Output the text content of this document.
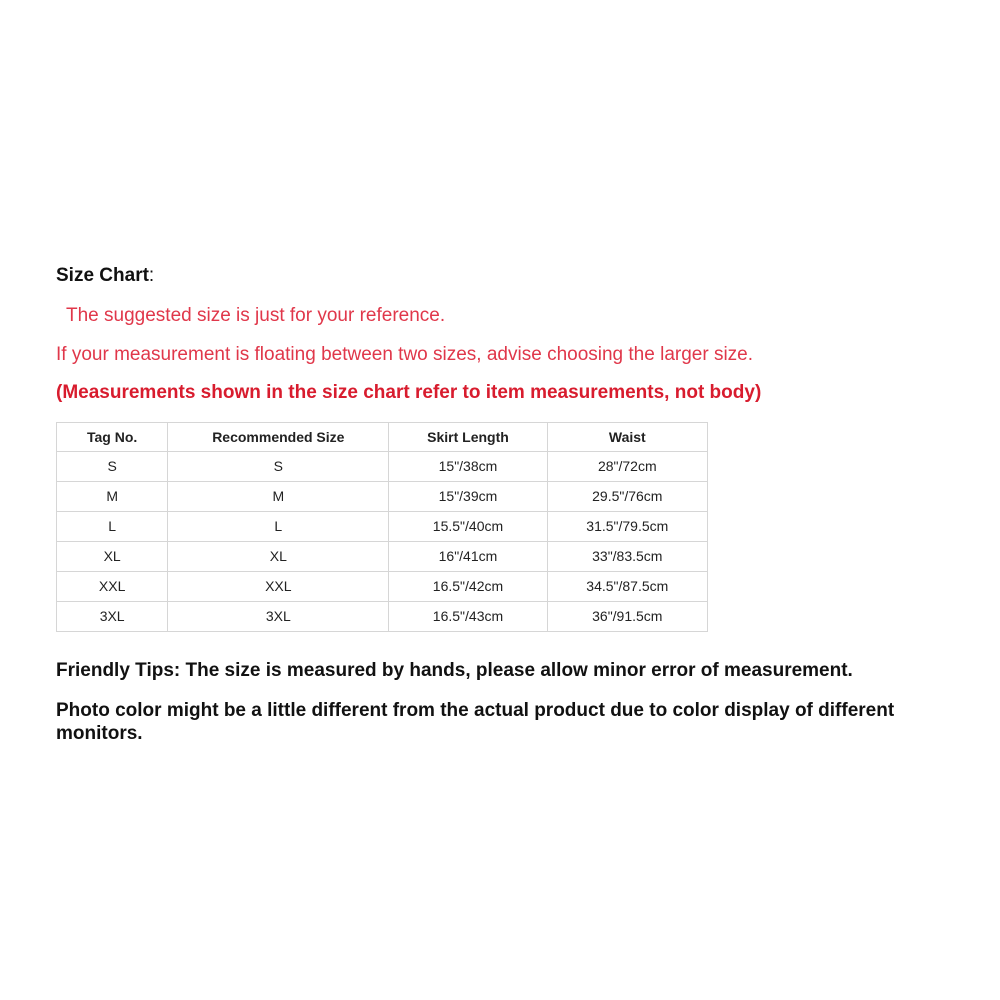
Size Chart:
The suggested size is just for your reference.
If your measurement is floating between two sizes, advise choosing the larger size.
(Measurements shown in the size chart refer to item measurements, not body)
Tag No.	Recommended Size	Skirt Length	Waist
S	S	15"/38cm	28"/72cm
M	M	15"/39cm	29.5"/76cm
L	L	15.5"/40cm	31.5"/79.5cm
XL	XL	16"/41cm	33"/83.5cm
XXL	XXL	16.5"/42cm	34.5"/87.5cm
3XL	3XL	16.5"/43cm	36"/91.5cm
Friendly Tips: The size is measured by hands, please allow minor error of measurement.
Photo color might be a little different from the actual product due to color display of different monitors.
